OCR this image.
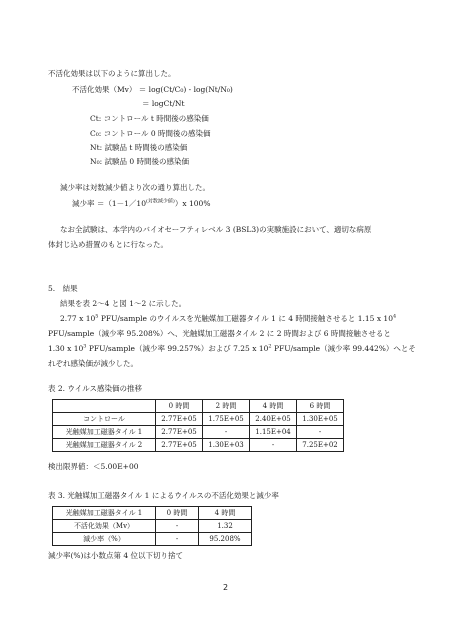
不活化効果は以下のように算出した。
不活化効果（Mv） ＝ log(Ct/C₀) - log(Nt/N₀)
＝ logCt/Nt
Ct: コントロール t 時間後の感染価
C₀: コントロール 0 時間後の感染価
Nt: 試験品 t 時間後の感染価
N₀: 試験品 0 時間後の感染価
減少率は対数減少値より次の通り算出した。
減少率 $=(1-1/10^{(対数減少値)})x$ 100%
なお全試験は、本学内のバイオセーフティレベル 3 (BSL3)の実験施設において、適切な病原
体封じ込め措置のもとに行なった。
5.　結果
結果を表 2～4 と図 1～2 に示した。
2.77 x $10^5$ PFU/sample のウイルスを光触媒加工磁器タイル 1 に 4 時間接触させると 1.15 x $10^4$
PFU/sample（減少率 95.208%）へ、光触媒加工磁器タイル 2 に 2 時間および 6 時間接触させると
1.30 x $10^3$ PFU/sample（減少率 99.257%）および 7.25 x $10^2$ PFU/sample（減少率 99.442%）へとそ
れぞれ感染価が減少した。
表 2. ウイルス感染価の推移
	0 時間	2 時間	4 時間	6 時間
コントロール	2.77E+05	1.75E+05	2.40E+05	1.30E+05
光触媒加工磁器タイル 1	2.77E+05	-	1.15E+04	-
光触媒加工磁器タイル 2	2.77E+05	1.30E+03	-	7.25E+02
検出限界値：＜5.00E+00
表 3. 光触媒加工磁器タイル 1 によるウイルスの不活化効果と減少率
光触媒加工磁器タイル 1	0 時間	4 時間
不活化効果（Mv）	-	1.32
減少率（%）	-	95.208%
減少率(%)は小数点第 4 位以下切り捨て
2
